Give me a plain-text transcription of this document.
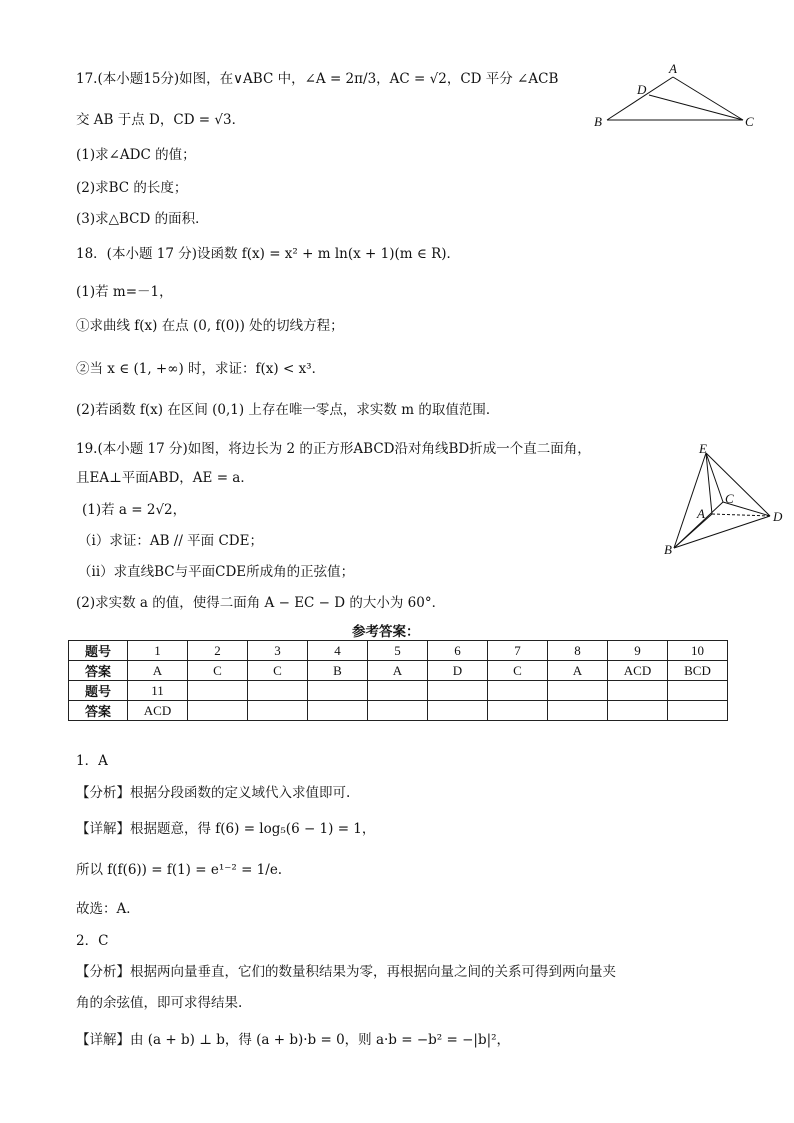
17.(本小题15分)如图，在∨ABC 中，∠A = 2π/3，AC = √2，CD 平分 ∠ACB
交 AB 于点 D，CD = √3．
(1)求∠ADC 的值；
(2)求BC 的长度；
(3)求△BCD 的面积．
A
D
B	C
18．(本小题 17 分)设函数 f(x) = x² + m ln(x + 1)(m ∈ R)．
(1)若 m=－1，
①求曲线 f(x) 在点 (0, f(0)) 处的切线方程；
②当 x ∈ (1, +∞) 时，求证：f(x) < x³．
(2)若函数 f(x) 在区间 (0,1) 上存在唯一零点，求实数 m 的取值范围．
19.(本小题 17 分)如图，将边长为 2 的正方形ABCD沿对角线BD折成一个直二面角，
且EA⊥平面ABD，AE = a．
(1)若 a = 2√2，
（i）求证：AB // 平面 CDE；
（ii）求直线BC与平面CDE所成角的正弦值；
(2)求实数 a 的值，使得二面角 A − EC − D 的大小为 60°．
E
C
A	D
B
参考答案：
题号	1	2	3	4	5	6	7	8	9	10
答案	A	C	C	B	A	D	C	A	ACD	BCD
题号	11									
答案	ACD									
1．A
【分析】根据分段函数的定义域代入求值即可.
【详解】根据题意，得 f(6) = log₅(6 − 1) = 1，
所以 f(f(6)) = f(1) = e¹⁻² = 1/e.
故选：A．
2．C
【分析】根据两向量垂直，它们的数量积结果为零，再根据向量之间的关系可得到两向量夹
角的余弦值，即可求得结果.
【详解】由 (a + b) ⊥ b，得 (a + b)·b = 0，则 a·b = −b² = −|b|²，
